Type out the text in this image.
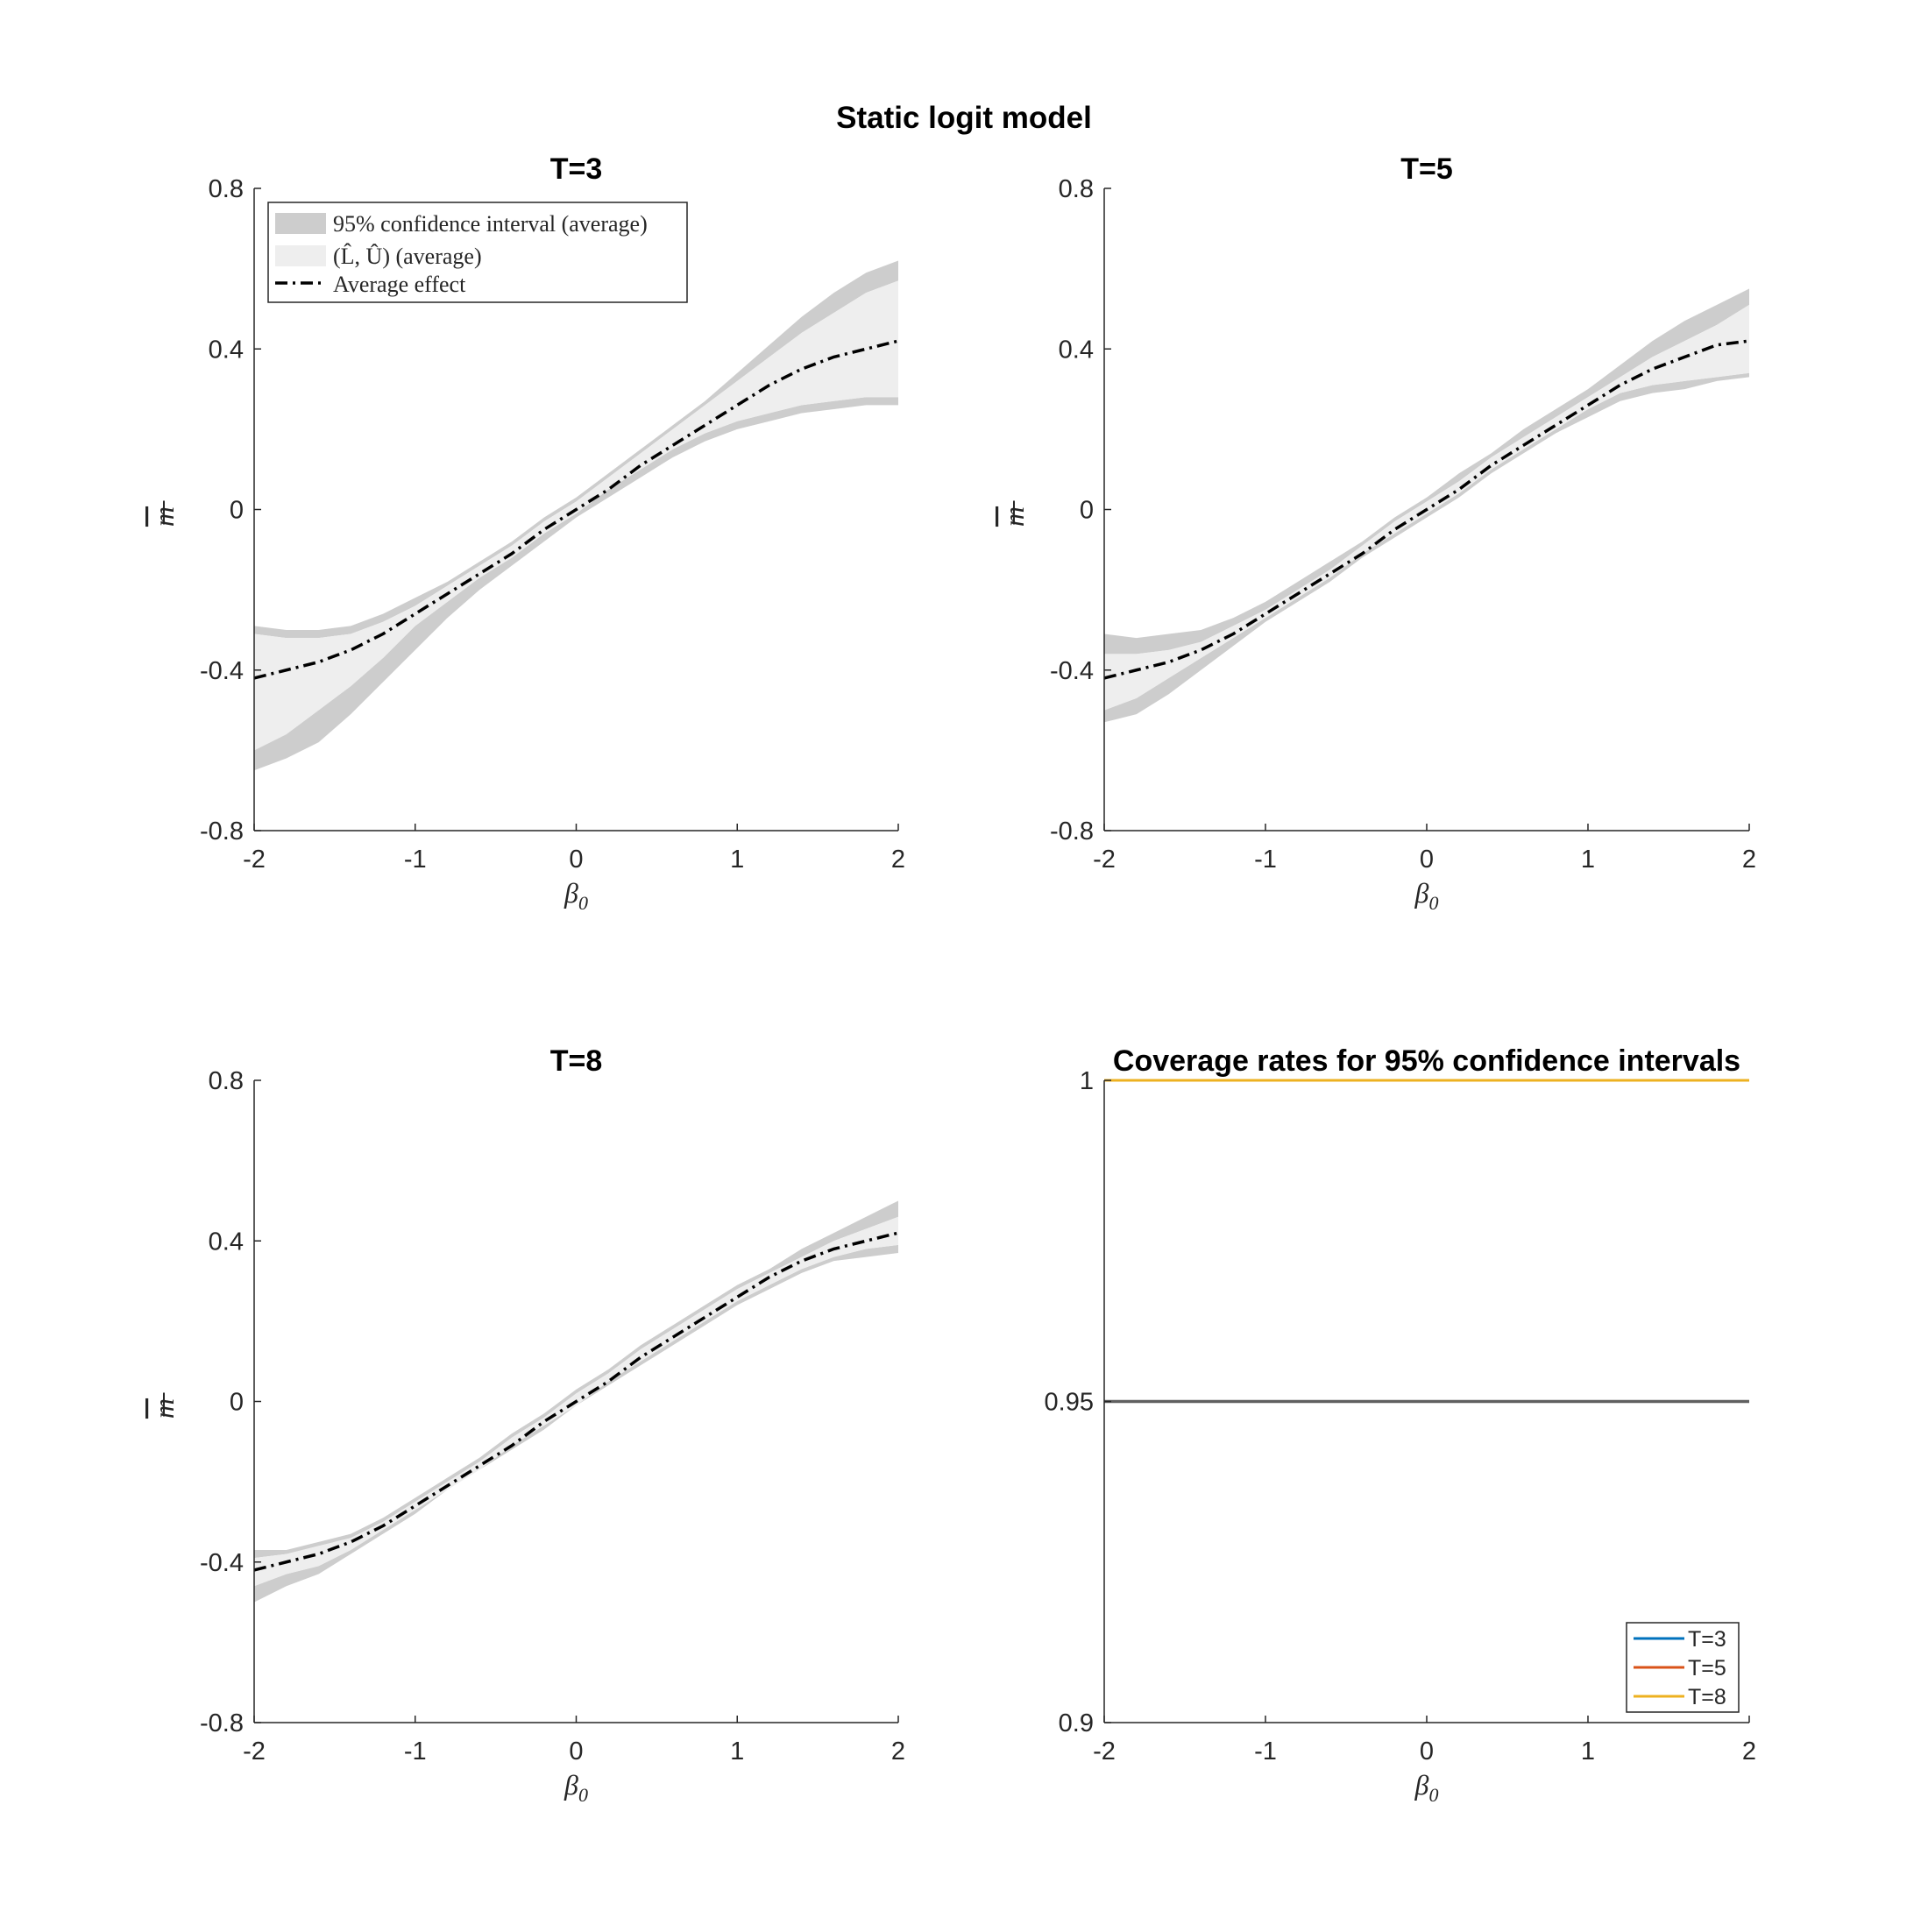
Static logit model
T=3
-2	-1	0	1	2
-0.8
-0.4
0
0.4
0.8
$\beta_0$
m
95% confidence interval (average)
(L̂, Û) (average)
Average effect
T=5
-2	-1	0	1	2
-0.8
-0.4
0
0.4
0.8
$\beta_0$
m
T=8
-2	-1	0	1	2
-0.8
-0.4
0
0.4
0.8
$\beta_0$
m
Coverage rates for 95% confidence intervals
-2	-1	0	1	2
0.9
0.95
1
$\beta_0$
T=3
T=5
T=8
